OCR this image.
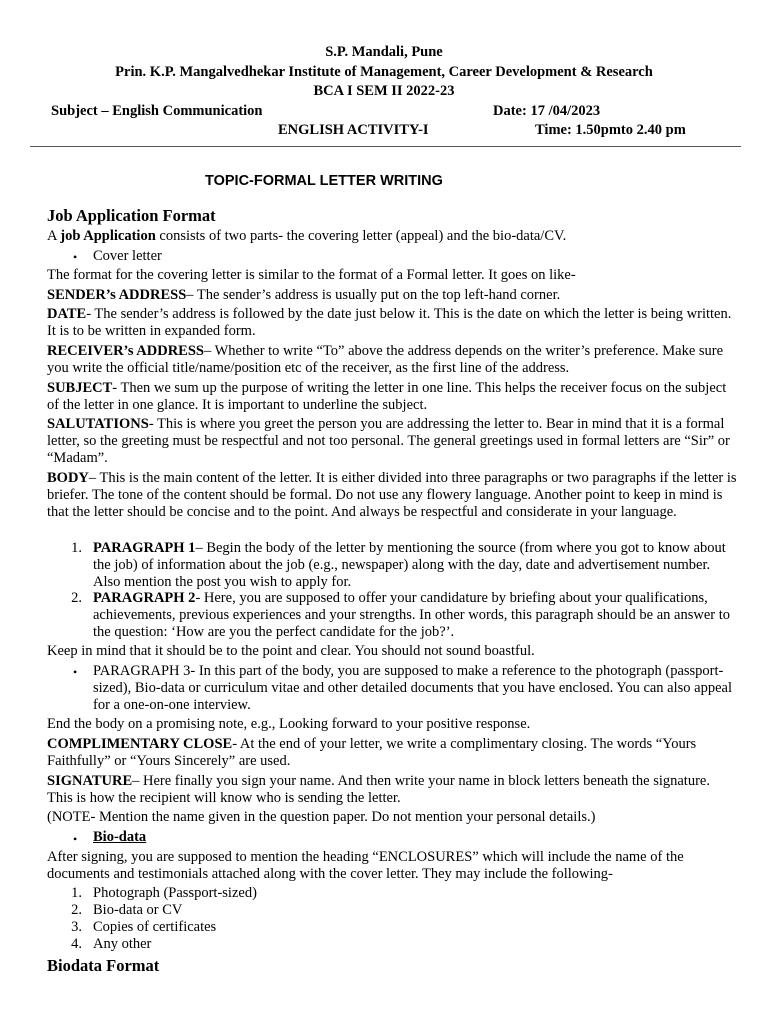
S.P. Mandali, Pune
Prin. K.P. Mangalvedhekar Institute of Management, Career Development & Research
BCA I SEM II 2022-23
Subject – English Communication	Date: 17 /04/2023
ENGLISH ACTIVITY-I	Time: 1.50pmto 2.40 pm
TOPIC-FORMAL LETTER WRITING
Job Application Format
A job Application consists of two parts- the covering letter (appeal) and the bio-data/CV.
• Cover letter
The format for the covering letter is similar to the format of a Formal letter. It goes on like-
SENDER’s ADDRESS– The sender’s address is usually put on the top left-hand corner.
DATE- The sender’s address is followed by the date just below it. This is the date on which the letter is being written. It is to be written in expanded form.
RECEIVER’s ADDRESS– Whether to write “To” above the address depends on the writer’s preference. Make sure you write the official title/name/position etc of the receiver, as the first line of the address.
SUBJECT- Then we sum up the purpose of writing the letter in one line. This helps the receiver focus on the subject of the letter in one glance. It is important to underline the subject.
SALUTATIONS- This is where you greet the person you are addressing the letter to. Bear in mind that it is a formal letter, so the greeting must be respectful and not too personal. The general greetings used in formal letters are “Sir” or “Madam”.
BODY– This is the main content of the letter. It is either divided into three paragraphs or two paragraphs if the letter is briefer. The tone of the content should be formal. Do not use any flowery language. Another point to keep in mind is that the letter should be concise and to the point. And always be respectful and considerate in your language.
1. PARAGRAPH 1– Begin the body of the letter by mentioning the source (from where you got to know about the job) of information about the job (e.g., newspaper) along with the day, date and advertisement number. Also mention the post you wish to apply for.
2. PARAGRAPH 2- Here, you are supposed to offer your candidature by briefing about your qualifications, achievements, previous experiences and your strengths. In other words, this paragraph should be an answer to the question: ‘How are you the perfect candidate for the job?’.
Keep in mind that it should be to the point and clear. You should not sound boastful.
• PARAGRAPH 3- In this part of the body, you are supposed to make a reference to the photograph (passport-sized), Bio-data or curriculum vitae and other detailed documents that you have enclosed. You can also appeal for a one-on-one interview.
End the body on a promising note, e.g., Looking forward to your positive response.
COMPLIMENTARY CLOSE- At the end of your letter, we write a complimentary closing. The words “Yours Faithfully” or “Yours Sincerely” are used.
SIGNATURE– Here finally you sign your name. And then write your name in block letters beneath the signature. This is how the recipient will know who is sending the letter.
(NOTE- Mention the name given in the question paper. Do not mention your personal details.)
• Bio-data
After signing, you are supposed to mention the heading “ENCLOSURES” which will include the name of the documents and testimonials attached along with the cover letter. They may include the following-
1. Photograph (Passport-sized)
2. Bio-data or CV
3. Copies of certificates
4. Any other
Biodata Format
